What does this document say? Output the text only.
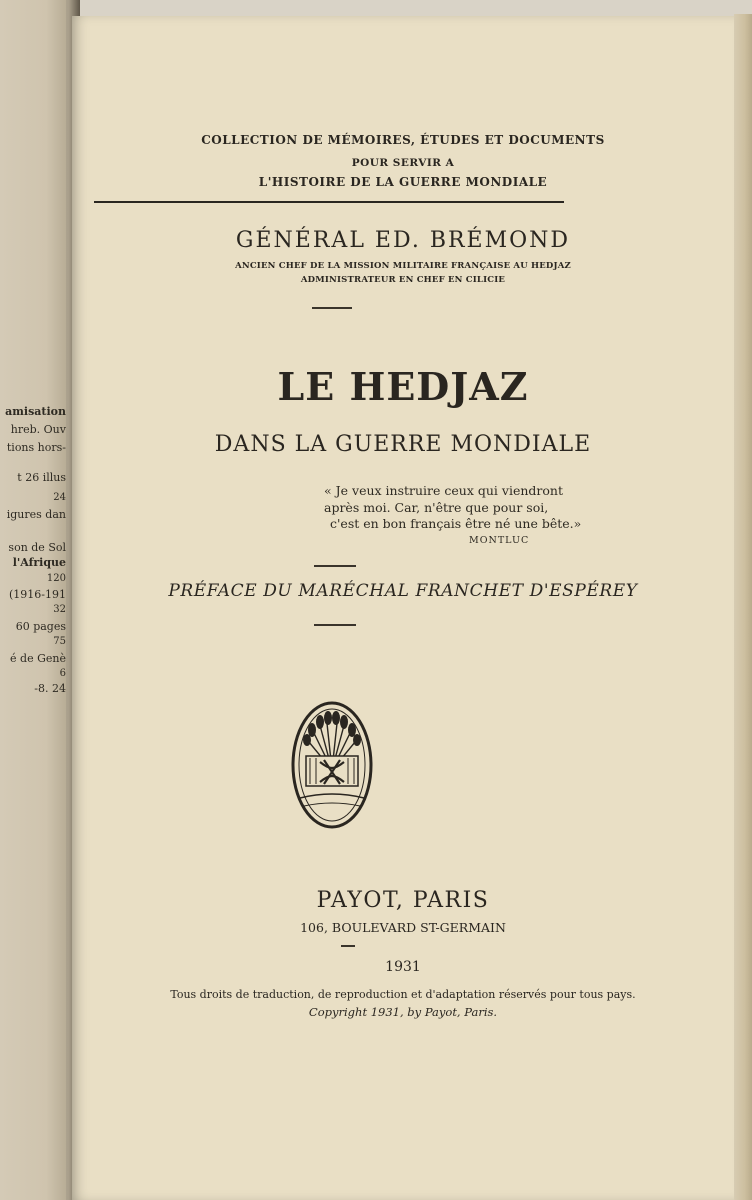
amisation
hreb. Ouv
tions hors-
t 26 illus
24
igures dan
son de Sol
l'Afrique
120
(1916-191
32
60 pages
75
é de Genè
6
-8. 24
COLLECTION DE MÉMOIRES, ÉTUDES ET DOCUMENTS
POUR SERVIR A
L'HISTOIRE DE LA GUERRE MONDIALE
GÉNÉRAL ED. BRÉMOND
ANCIEN CHEF DE LA MISSION MILITAIRE FRANÇAISE AU HEDJAZ
ADMINISTRATEUR EN CHEF EN CILICIE
LE HEDJAZ
DANS LA GUERRE MONDIALE
« Je veux instruire ceux qui viendront
après moi. Car, n'être que pour soi,
c'est en bon français être né une bête.»
MONTLUC
PRÉFACE DU MARÉCHAL FRANCHET D'ESPÉREY
PAYOT, PARIS
106, BOULEVARD ST-GERMAIN
1931
Tous droits de traduction, de reproduction et d'adaptation réservés pour tous pays.
Copyright 1931, by Payot, Paris.
